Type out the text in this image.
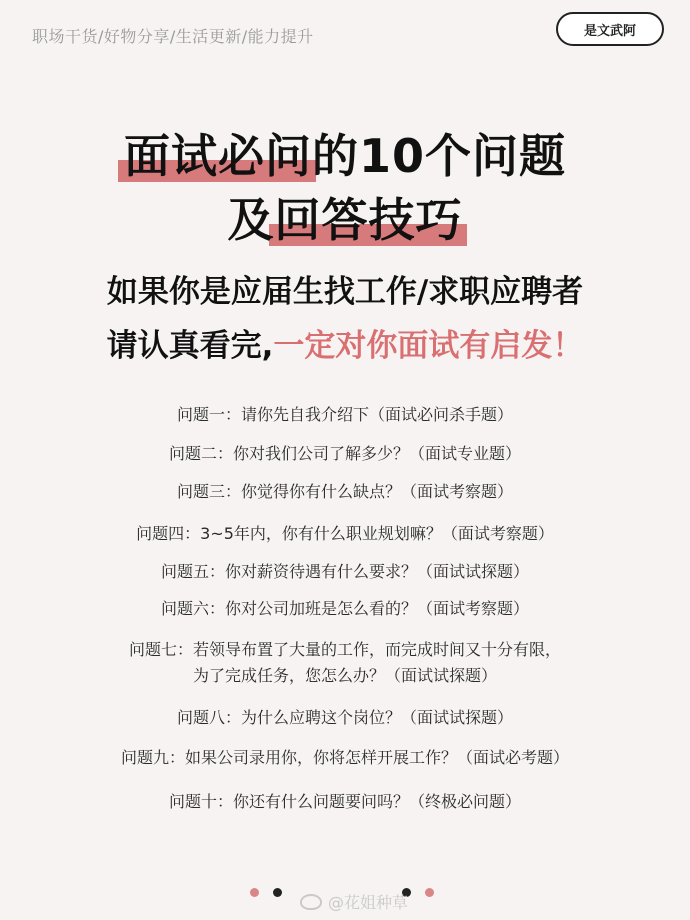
职场干货/好物分享/生活更新/能力提升	是文武阿
面试必问的10个问题
及回答技巧
如果你是应届生找工作/求职应聘者
请认真看完,一定对你面试有启发！
问题一：请你先自我介绍下（面试必问杀手题）
问题二：你对我们公司了解多少？（面试专业题）
问题三：你觉得你有什么缺点？（面试考察题）
问题四：3~5年内，你有什么职业规划嘛？（面试考察题）
问题五：你对薪资待遇有什么要求？（面试试探题）
问题六：你对公司加班是怎么看的？（面试考察题）
问题七：若领导布置了大量的工作，而完成时间又十分有限，
为了完成任务，您怎么办？（面试试探题）
问题八：为什么应聘这个岗位？（面试试探题）
问题九：如果公司录用你，你将怎样开展工作？（面试必考题）
问题十：你还有什么问题要问吗？（终极必问题）
@花姐种草
